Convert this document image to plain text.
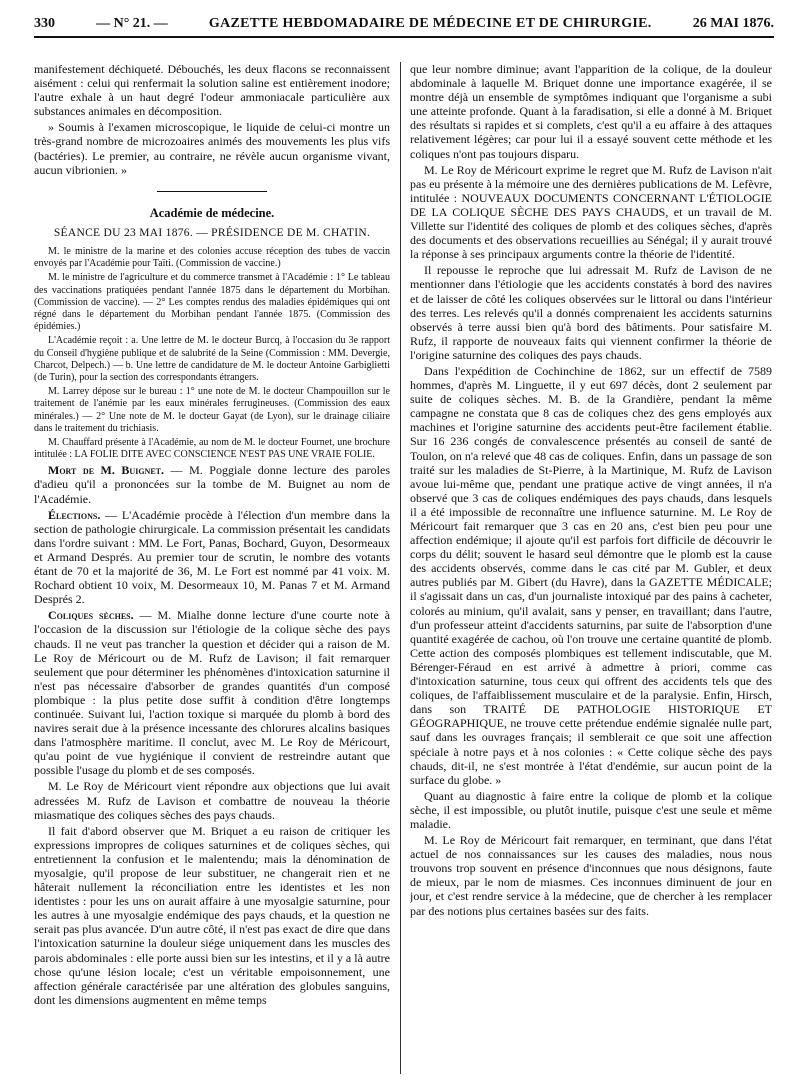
330	— N° 21. —	GAZETTE HEBDOMADAIRE DE MÉDECINE ET DE CHIRURGIE.	26 MAI 1876.

manifestement déchiqueté. Débouchés, les deux flacons se reconnaissent aisément : celui qui renfermait la solution saline est entièrement inodore; l'autre exhale à un haut degré l'odeur ammoniacale particulière aux substances animales en décomposition.

» Soumis à l'examen microscopique, le liquide de celui-ci montre un très-grand nombre de microzoaires animés des mouvements les plus vifs (bactéries). Le premier, au contraire, ne révèle aucun organisme vivant, aucun vibrionien. »

Académie de médecine.
SÉANCE DU 23 MAI 1876. — PRÉSIDENCE DE M. CHATIN.

M. le ministre de la marine et des colonies accuse réception des tubes de vaccin envoyés par l'Académie pour Taïti. (Commission de vaccine.)

M. le ministre de l'agriculture et du commerce transmet à l'Académie : 1° Le tableau des vaccinations pratiquées pendant l'année 1875 dans le département du Morbihan. (Commission de vaccine). — 2° Les comptes rendus des maladies épidémiques qui ont régné dans le département du Morbihan pendant l'année 1875. (Commission des épidémies.)

L'Académie reçoit : a. Une lettre de M. le docteur Burcq, à l'occasion du 3e rapport du Conseil d'hygiène publique et de salubrité de la Seine (Commission : MM. Devergie, Charcot, Delpech.) — b. Une lettre de candidature de M. le docteur Antoine Garbiglietti (de Turin), pour la section des correspondants étrangers.

M. Larrey dépose sur le bureau : 1° une note de M. le docteur Champouillon sur le traitement de l'anémie par les eaux minérales ferrugineuses. (Commission des eaux minérales.) — 2° Une note de M. le docteur Gayat (de Lyon), sur le drainage ciliaire dans le traitement du trichiasis.

M. Chauffard présente à l'Académie, au nom de M. le docteur Fournet, une brochure intitulée : LA FOLIE DITE AVEC CONSCIENCE N'EST PAS UNE VRAIE FOLIE.

Mort de M. Buignet. — M. Poggiale donne lecture des paroles d'adieu qu'il a prononcées sur la tombe de M. Buignet au nom de l'Académie.

Élections. — L'Académie procède à l'élection d'un membre dans la section de pathologie chirurgicale. La commission présentait les candidats dans l'ordre suivant : MM. Le Fort, Panas, Bochard, Guyon, Desormeaux et Armand Després. Au premier tour de scrutin, le nombre des votants étant de 70 et la majorité de 36, M. Le Fort est nommé par 41 voix. M. Rochard obtient 10 voix, M. Desormeaux 10, M. Panas 7 et M. Armand Després 2.

Coliques sèches. — M. Mialhe donne lecture d'une courte note à l'occasion de la discussion sur l'étiologie de la colique sèche des pays chauds. Il ne veut pas trancher la question et décider qui a raison de M. Le Roy de Méricourt ou de M. Rufz de Lavison; il fait remarquer seulement que pour déterminer les phénomènes d'intoxication saturnine il n'est pas nécessaire d'absorber de grandes quantités d'un composé plombique : la plus petite dose suffit à condition d'être longtemps continuée. Suivant lui, l'action toxique si marquée du plomb à bord des navires serait due à la présence incessante des chlorures alcalins basiques dans l'atmosphère maritime. Il conclut, avec M. Le Roy de Méricourt, qu'au point de vue hygiénique il convient de restreindre autant que possible l'usage du plomb et de ses composés.

M. Le Roy de Méricourt vient répondre aux objections que lui avait adressées M. Rufz de Lavison et combattre de nouveau la théorie miasmatique des coliques sèches des pays chauds.

Il fait d'abord observer que M. Briquet a eu raison de critiquer les expressions impropres de coliques saturnines et de coliques sèches, qui entretiennent la confusion et le malentendu; mais la dénomination de myosalgie, qu'il propose de leur substituer, ne changerait rien et ne hâterait nullement la réconciliation entre les identistes et les non identistes : pour les uns on aurait affaire à une myosalgie saturnine, pour les autres à une myosalgie endémique des pays chauds, et la question ne serait pas plus avancée. D'un autre côté, il n'est pas exact de dire que dans l'intoxication saturnine la douleur siége uniquement dans les muscles des parois abdominales : elle porte aussi bien sur les intestins, et il y a là autre chose qu'une lésion locale; c'est un véritable empoisonnement, une affection générale caractérisée par une altération des globules sanguins, dont les dimensions augmentent en même temps

que leur nombre diminue; avant l'apparition de la colique, de la douleur abdominale à laquelle M. Briquet donne une importance exagérée, il se montre déjà un ensemble de symptômes indiquant que l'organisme a subi une atteinte profonde. Quant à la faradisation, si elle a donné à M. Briquet des résultats si rapides et si complets, c'est qu'il a eu affaire à des attaques relativement légères; car pour lui il a essayé souvent cette méthode et les coliques n'ont pas toujours disparu.

M. Le Roy de Méricourt exprime le regret que M. Rufz de Lavison n'ait pas eu présente à la mémoire une des dernières publications de M. Lefèvre, intitulée : NOUVEAUX DOCUMENTS CONCERNANT L'ÉTIOLOGIE DE LA COLIQUE SÈCHE DES PAYS CHAUDS, et un travail de M. Villette sur l'identité des coliques de plomb et des coliques sèches, d'après des documents et des observations recueillies au Sénégal; il y aurait trouvé la réponse à ses principaux arguments contre la théorie de l'identité.

Il repousse le reproche que lui adressait M. Rufz de Lavison de ne mentionner dans l'étiologie que les accidents constatés à bord des navires et de laisser de côté les coliques observées sur le littoral ou dans l'intérieur des terres. Les relevés qu'il a donnés comprenaient les accidents saturnins observés à terre aussi bien qu'à bord des bâtiments. Pour satisfaire M. Rufz, il rapporte de nouveaux faits qui viennent confirmer la théorie de l'origine saturnine des coliques des pays chauds.

Dans l'expédition de Cochinchine de 1862, sur un effectif de 7589 hommes, d'après M. Linguette, il y eut 697 décès, dont 2 seulement par suite de coliques sèches. M. B. de la Grandière, pendant la même campagne ne constata que 8 cas de coliques chez des gens employés aux machines et l'origine saturnine des accidents peut-être facilement établie. Sur 16 236 congés de convalescence présentés au conseil de santé de Toulon, on n'a relevé que 48 cas de coliques. Enfin, dans un passage de son traité sur les maladies de St-Pierre, à la Martinique, M. Rufz de Lavison avoue lui-même que, pendant une pratique active de vingt années, il n'a observé que 3 cas de coliques endémiques des pays chauds, dans lesquels il a été impossible de reconnaître une influence saturnine. M. Le Roy de Méricourt fait remarquer que 3 cas en 20 ans, c'est bien peu pour une affection endémique; il ajoute qu'il est parfois fort difficile de découvrir le corps du délit; souvent le hasard seul démontre que le plomb est la cause des accidents observés, comme dans le cas cité par M. Gubler, et deux autres publiés par M. Gibert (du Havre), dans la GAZETTE MÉDICALE; il s'agissait dans un cas, d'un journaliste intoxiqué par des pains à cacheter, colorés au minium, qu'il avalait, sans y penser, en travaillant; dans l'autre, d'un professeur atteint d'accidents saturnins, par suite de l'absorption d'une quantité exagérée de cachou, où l'on trouve une certaine quantité de plomb. Cette action des composés plombiques est tellement indiscutable, que M. Bérenger-Féraud en est arrivé à admettre à priori, comme cas d'intoxication saturnine, tous ceux qui offrent des accidents tels que des coliques, de l'affaiblissement musculaire et de la paralysie. Enfin, Hirsch, dans son TRAITÉ DE PATHOLOGIE HISTORIQUE ET GÉOGRAPHIQUE, ne trouve cette prétendue endémie signalée nulle part, sauf dans les ouvrages français; il semblerait ce que soit une affection spéciale à notre pays et à nos colonies : « Cette colique sèche des pays chauds, dit-il, ne s'est montrée à l'état d'endémie, sur aucun point de la surface du globe. »

Quant au diagnostic à faire entre la colique de plomb et la colique sèche, il est impossible, ou plutôt inutile, puisque c'est une seule et même maladie.

M. Le Roy de Méricourt fait remarquer, en terminant, que dans l'état actuel de nos connaissances sur les causes des maladies, nous nous trouvons trop souvent en présence d'inconnues que nous désignons, faute de mieux, par le nom de miasmes. Ces inconnues diminuent de jour en jour, et c'est rendre service à la médecine, que de chercher à les remplacer par des notions plus certaines basées sur des faits.
